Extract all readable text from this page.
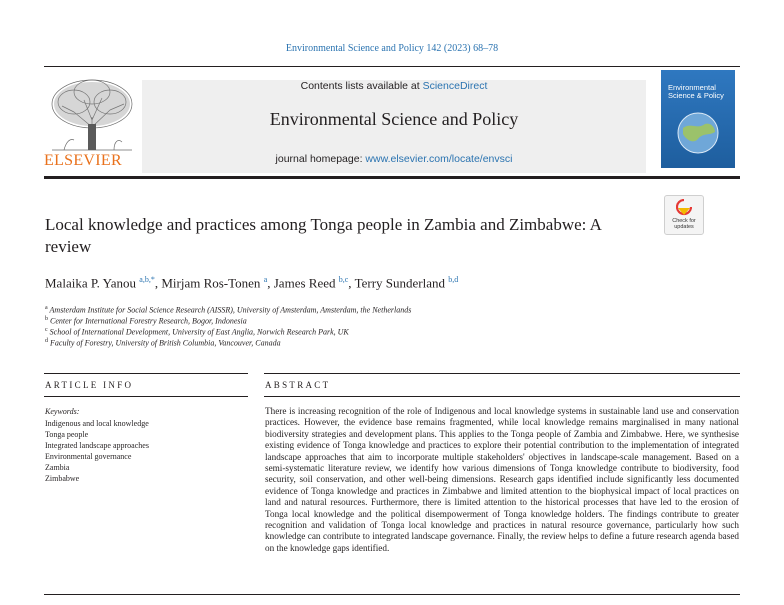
Environmental Science and Policy 142 (2023) 68–78
ELSEVIER
Contents lists available at ScienceDirect
Environmental Science and Policy
journal homepage: www.elsevier.com/locate/envsci
Environmental Science & Policy
Local knowledge and practices among Tonga people in Zambia and Zimbabwe: A review
Check for
updates
Malaika P. Yanou $^{a,b,*}$, Mirjam Ros-Tonen $^a$, James Reed $^{b,c}$, Terry Sunderland $^{b,d}$
$^a$ Amsterdam Institute for Social Science Research (AISSR), University of Amsterdam, Amsterdam, the Netherlands
$^b$ Center for International Forestry Research, Bogor, Indonesia
$^c$ School of International Development, University of East Anglia, Norwich Research Park, UK
$^d$ Faculty of Forestry, University of British Columbia, Vancouver, Canada
ARTICLE INFO	ABSTRACT
Keywords:
Indigenous and local knowledge
Tonga people
Integrated landscape approaches
Environmental governance
Zambia
Zimbabwe
There is increasing recognition of the role of Indigenous and local knowledge systems in sustainable land use and conservation practices. However, the evidence base remains fragmented, while local knowledge remains marginalised in many national biodiversity strategies and development plans. This applies to the Tonga people of Zambia and Zimbabwe. Here, we synthesise existing evidence of Tonga knowledge and practices to explore their potential contribution to the implementation of integrated landscape approaches that aim to incorporate multiple stakeholders' objectives in landscape-scale management. Based on a semi-systematic literature review, we identify how various dimensions of Tonga knowledge contribute to biodiversity, food security, soil conservation, and other well-being dimensions. Research gaps identified include significantly less documented evidence of Tonga knowledge and practices in Zimbabwe and limited attention to the biophysical impact of local practices on land and natural resources. Furthermore, there is limited attention to the historical processes that have led to the erosion of Tonga local knowledge and the political disempowerment of Tonga knowledge holders. The findings contribute to greater recognition and validation of Tonga local knowledge and practices in natural resource governance, particularly how such knowledge can contribute to integrated landscape governance. Finally, the review helps to define a future research agenda based on the knowledge gaps identified.
